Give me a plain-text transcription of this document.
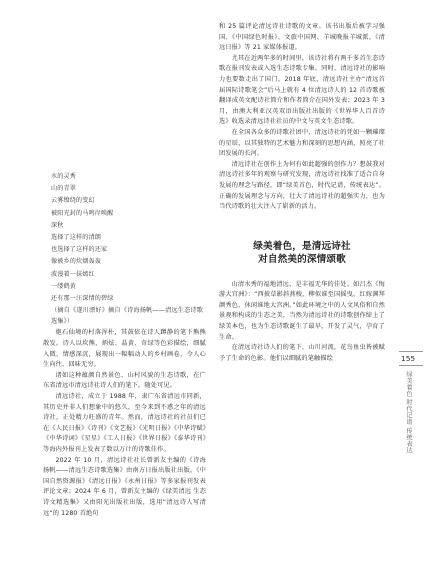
水的灵秀
山的青翠
云雾缭绕的变幻
被阳光封的马鸣岸唤醒
深秋
选择了这样的清朗
也选择了这样的还家
像被乡的炊烟轰轰
波漫着一抹嫣红
一缕鹤黄
还有那一汪深情的碧绿

（摘自《遂川漂好》摘自《诗海扬帆——清远生态诗歌选集》）

炮石仙境的村落浑朴，其鼓依在诗人蹲静的笔下熊熊散发。诗人以坎熊、炳炫、晶黄、奇绿等色彩描绘，细腻入微、情感深沉，展现出一幅幅动人的乡村画卷，令人心生向往，回味无穷。

诸如这种蕴颜自然景色、山村风貌的生态诗歌，在广东省清远市清远诗社诗人们的笔下，随处可见。

清远诗社，成立于 1988 年，隶广东省清远市同新，其历史并非人们想象中的悠久，至今来到不惑之年的清远诗社，正处精力旺盛的青年。然而，清远诗社的社员们已在《人民日报》《诗刊》《文艺报》《光明日报》《中华诗赋》《中华诗词》《星星》《工人日报》《世界日报》《泰华诗刊》等海内外报刊上发表了数以万计的诗歌佳作。

2022 年 10 月，清远诗社社长曾新友主编的《诗海扬帆——清远生态诗歌选集》由南方日报出版社出版。《中国自然资源报》《清远日报》《永州日报》等多家报刊发表评论文章；2024 年 6 月，曾新友主编的《绿美清远 生态诗文精选集》又由阳光出版社出版，选用“清远诗人写清远”的 1280 首绝句

和 25 篇评论清远诗社诗歌的文章。该书出版后被学习强国、《中国绿色时报》、文旅中国网、羊城晚报羊城派、《清远日报》等 21 家媒体报道。

尤其在近两年多的时间里，该诗社将有两千多首生态诗歌在报刊发表或入选生态诗歌专集。同时，清远诗社的影响力也要数走出了国门。2018 年底，清远诗社主办“清远首届国际诗歌笔会”后马上就有 4 位清远诗人的 12 首诗歌被翻译成英文配诗社简介和作者简介在国外发表；2023 年 3 月，由澳大利亚汉英双语出版社出版的《世界华人百首诗选》收选录清远诗社社员的中文与英文生态诗歌。

在全国各众多的诗歌社团中，清远诗社的凭如一颗璀璨的星辰，以其独特的艺术魅力和深刻的思想内涵，照亮了社团发展的长河。

清远诗社在创作上为何有如此超强的创作力？想鼓我对清远诗社多年的观察与研究发现，清远诗社找准了适合自身发展的理念与路径，即“绿美首色，时代记谱，传统表达”。正确的发展理念与方向，壮大了清远诗社的超强实力，也为当代诗歌的壮大注入了崭新的活力。

绿美着色，是清远诗社
对自然美的深情颂歌

山清水秀的福地清远，是丰福无华的佳处。如吕杰《悔游大宫洲》：“西披草影斜燕梭，柳似谁至国摇曳。红嫁渊拜颜秀色，休闲谁地大宫洲。”如此环境之中的人文风俗和自然景观和构成的生态之美，当然为清远诗社的诗歌创作缔上了绿美本色，也为生态诗歌诞生了最早，开发了灵气，孕育了生命。

在清远诗社诗人们的笔下，山川河流，花鸟鱼虫皆被赋予了生命的色影。他们以细腻的笔触描绘	155
绿美着色 时代记谱 传统表达
